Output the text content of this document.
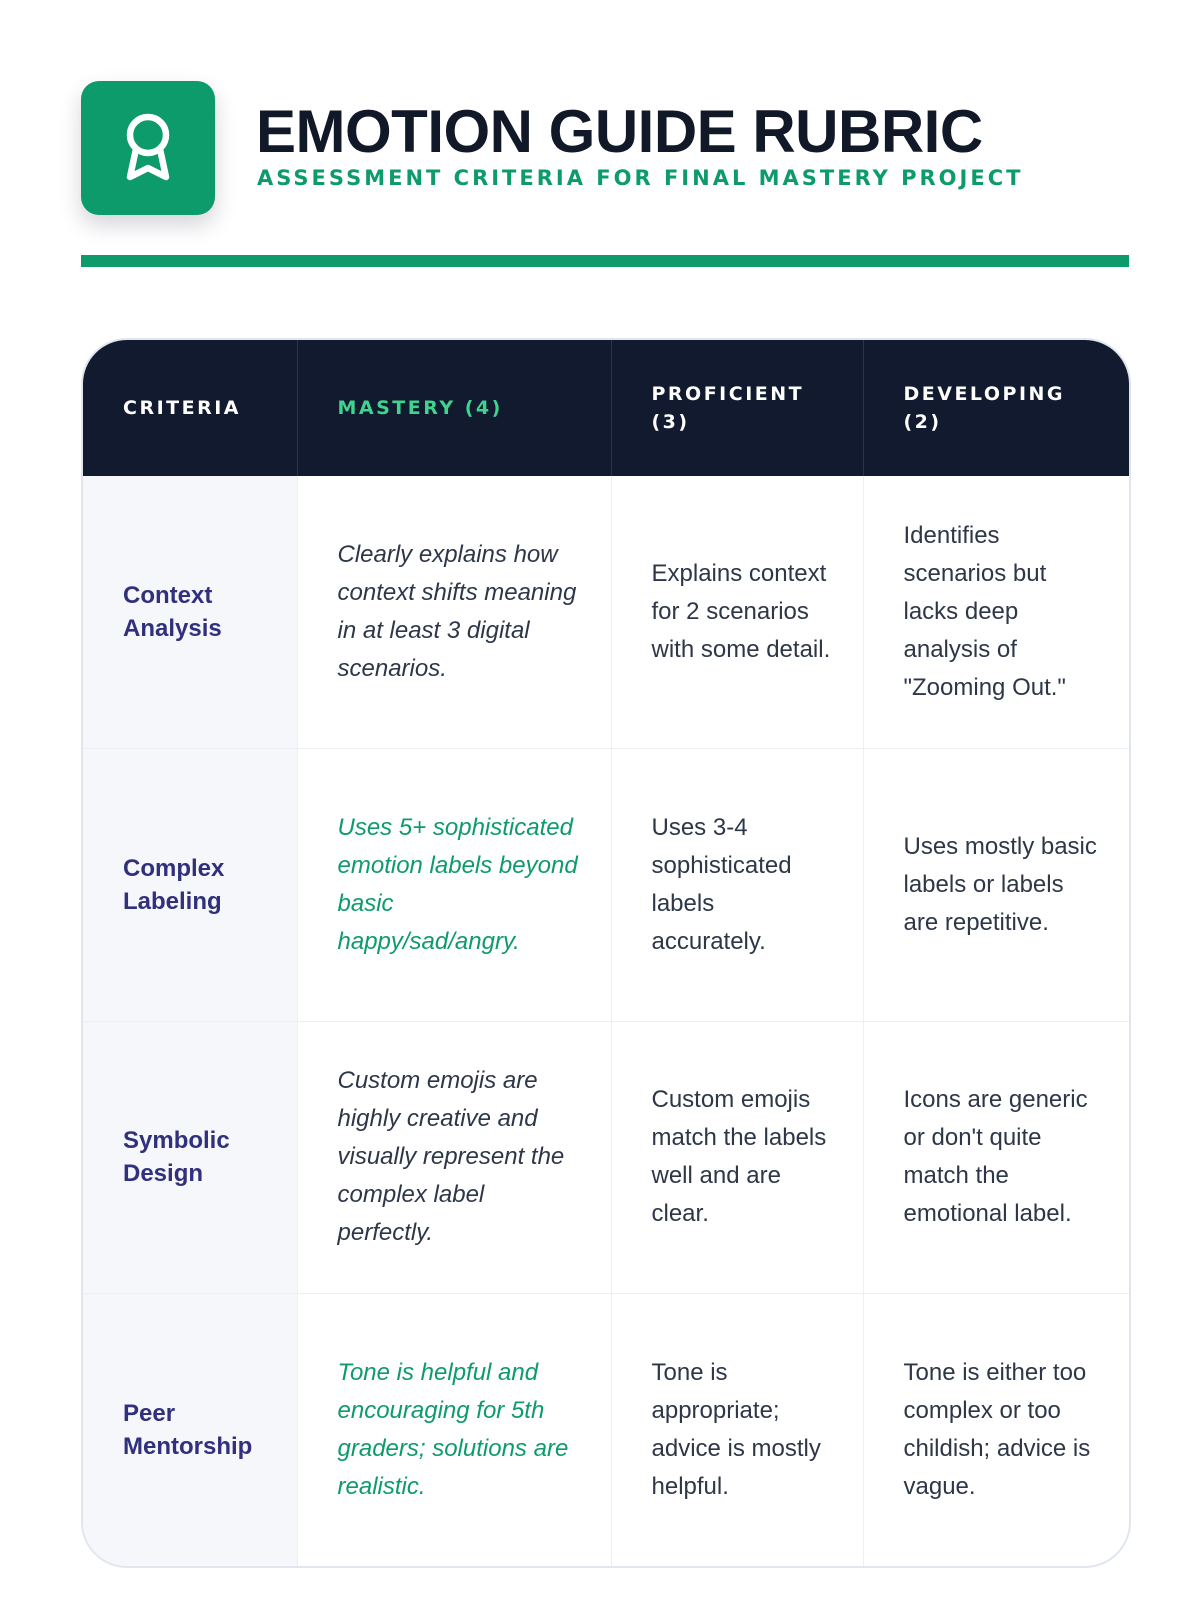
EMOTION GUIDE RUBRIC

ASSESSMENT CRITERIA FOR FINAL MASTERY PROJECT

CRITERIA	MASTERY (4)	PROFICIENT (3)	DEVELOPING (2)
Context Analysis	Clearly explains how context shifts meaning in at least 3 digital scenarios.	Explains context for 2 scenarios with some detail.	Identifies scenarios but lacks deep analysis of "Zooming Out."
Complex Labeling	Uses 5+ sophisticated emotion labels beyond basic happy/sad/angry.	Uses 3-4 sophisticated labels accurately.	Uses mostly basic labels or labels are repetitive.
Symbolic Design	Custom emojis are highly creative and visually represent the complex label perfectly.	Custom emojis match the labels well and are clear.	Icons are generic or don't quite match the emotional label.
Peer Mentorship	Tone is helpful and encouraging for 5th graders; solutions are realistic.	Tone is appropriate; advice is mostly helpful.	Tone is either too complex or too childish; advice is vague.
